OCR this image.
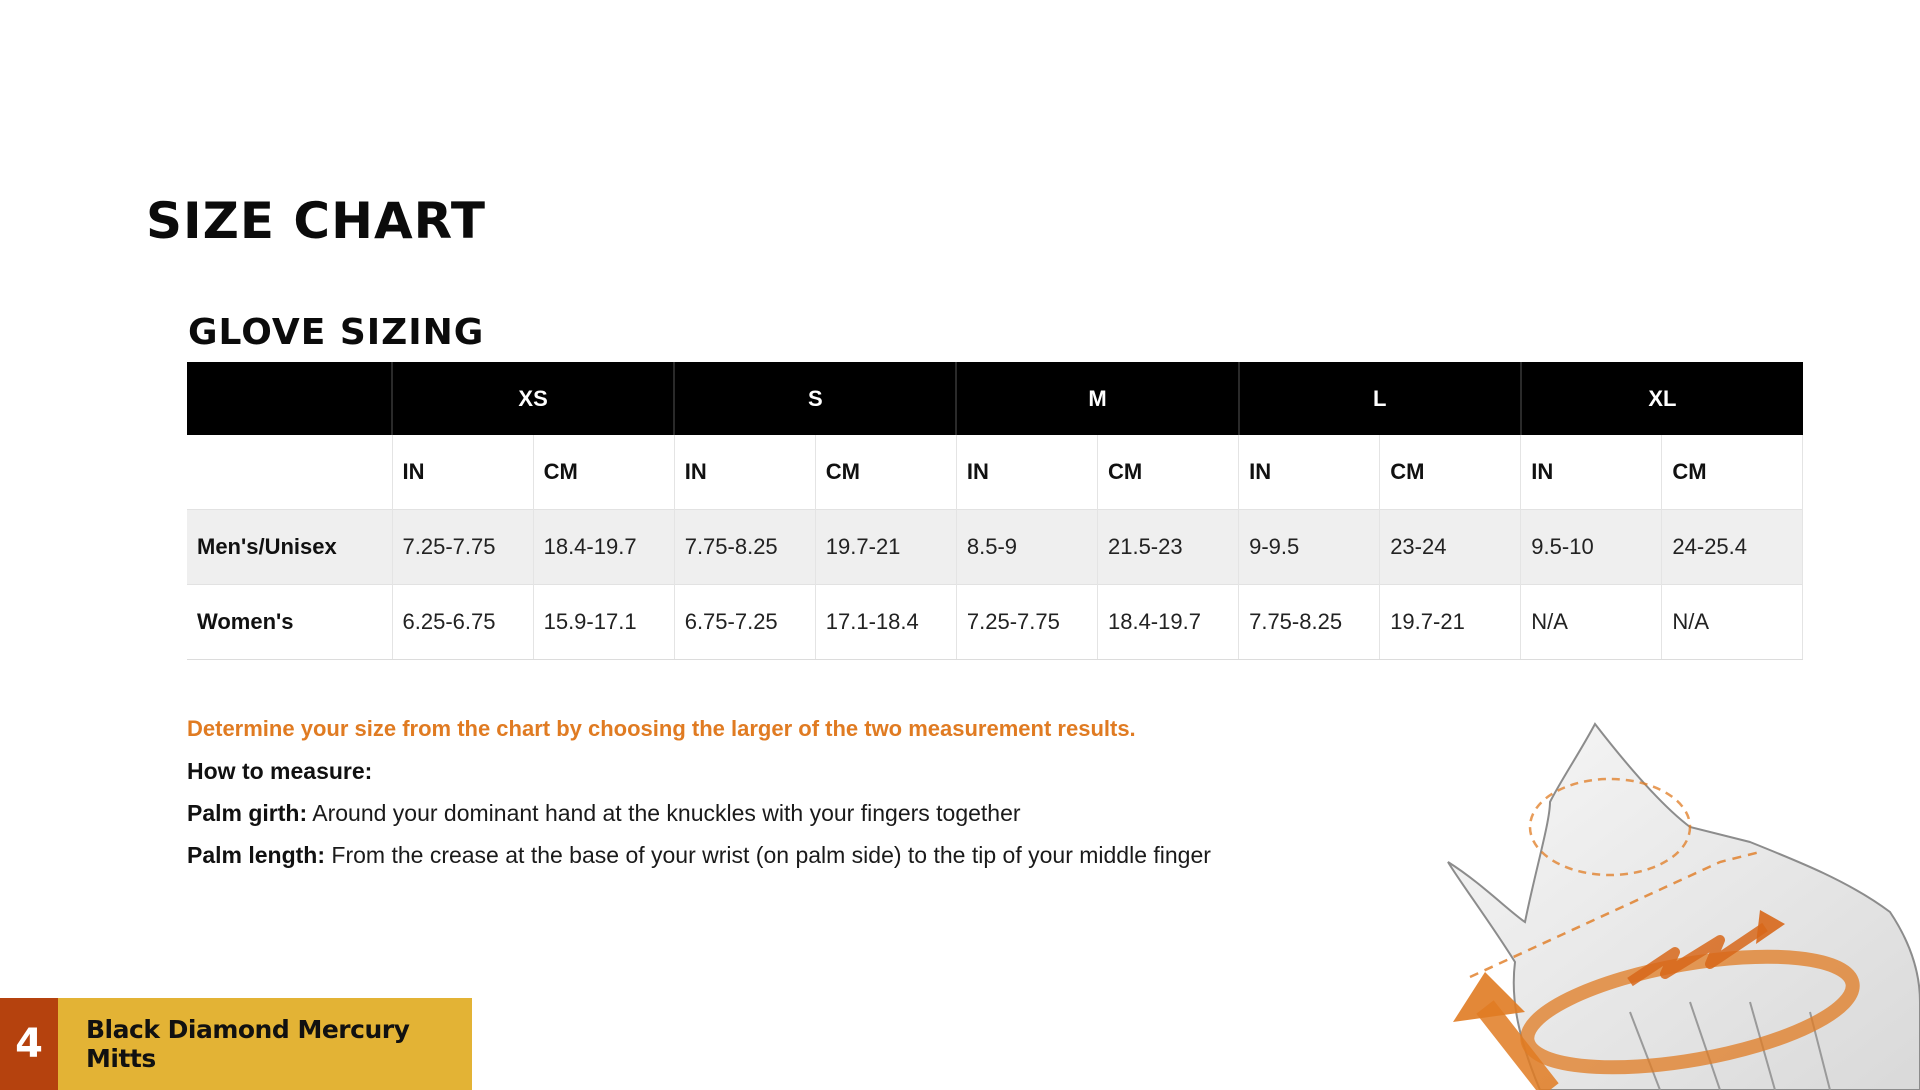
SIZE CHART
GLOVE SIZING
	XS		S		M		L		XL	
	IN	CM	IN	CM	IN	CM	IN	CM	IN	CM
Men's/Unisex	7.25-7.75	18.4-19.7	7.75-8.25	19.7-21	8.5-9	21.5-23	9-9.5	23-24	9.5-10	24-25.4
Women's	6.25-6.75	15.9-17.1	6.75-7.25	17.1-18.4	7.25-7.75	18.4-19.7	7.75-8.25	19.7-21	N/A	N/A

Determine your size from the chart by choosing the larger of the two measurement results.

How to measure:

Palm girth: Around your dominant hand at the knuckles with your fingers together

Palm length: From the crease at the base of your wrist (on palm side) to the tip of your middle finger

4	Black Diamond Mercury Mitts
